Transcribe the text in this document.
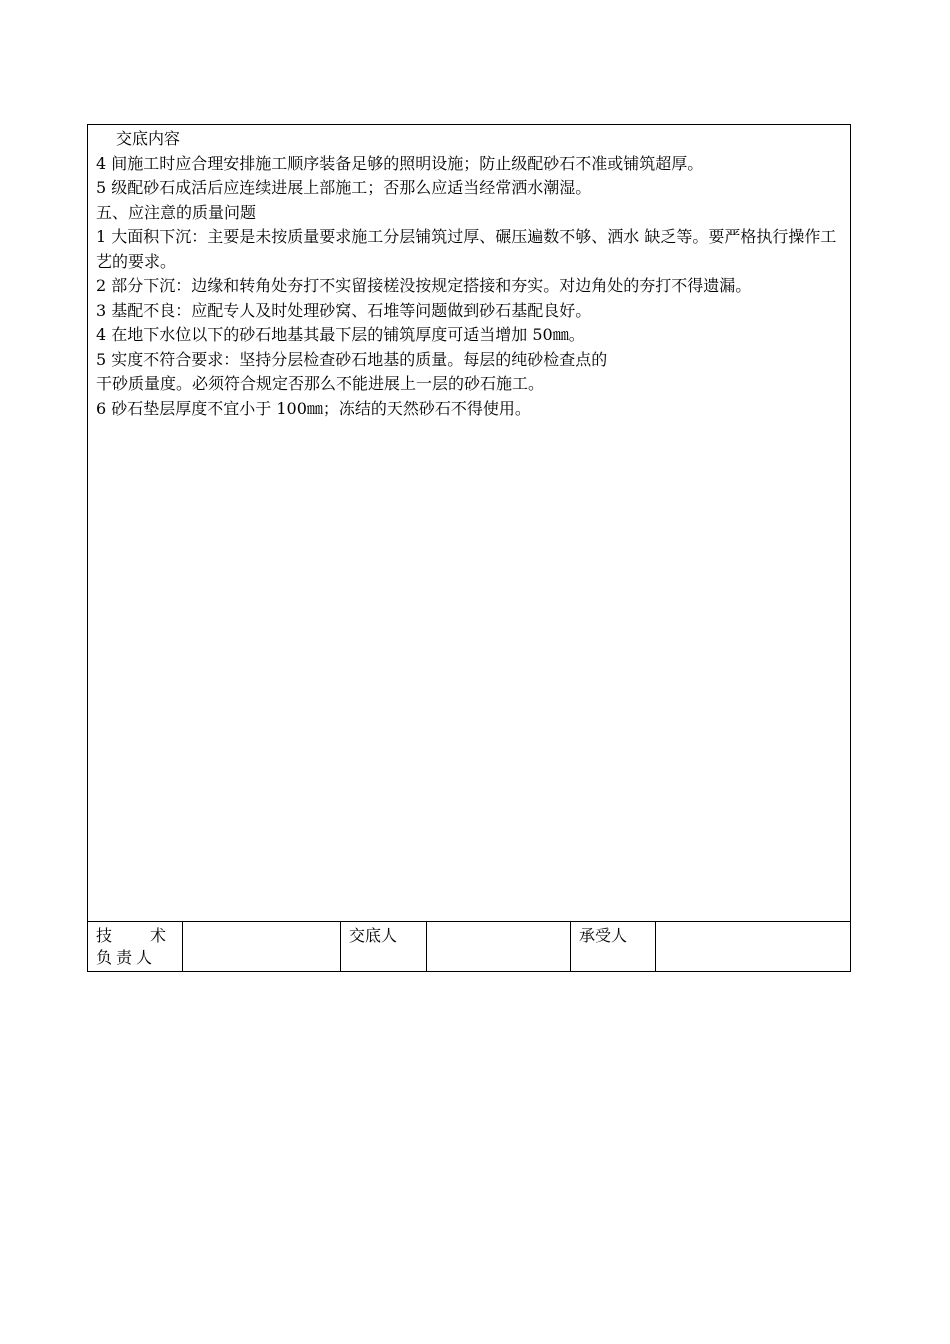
交底内容

4 间施工时应合理安排施工顺序装备足够的照明设施；防止级配砂石不准或铺筑超厚。

5 级配砂石成活后应连续进展上部施工；否那么应适当经常洒水潮湿。

五、应注意的质量问题

1 大面积下沉：主要是未按质量要求施工分层铺筑过厚、碾压遍数不够、洒水 缺乏等。要严格执行操作工艺的要求。

2 部分下沉：边缘和转角处夯打不实留接槎没按规定搭接和夯实。对边角处的夯打不得遗漏。

3 基配不良：应配专人及时处理砂窝、石堆等问题做到砂石基配良好。

4 在地下水位以下的砂石地基其最下层的铺筑厚度可适当增加 50㎜。

5 实度不符合要求：坚持分层检查砂石地基的质量。每层的纯砂检查点的

干砂质量度。必须符合规定否那么不能进展上一层的砂石施工。

6 砂石垫层厚度不宜小于 100㎜；冻结的天然砂石不得使用。

技 术
负责人
交底人	承受人
